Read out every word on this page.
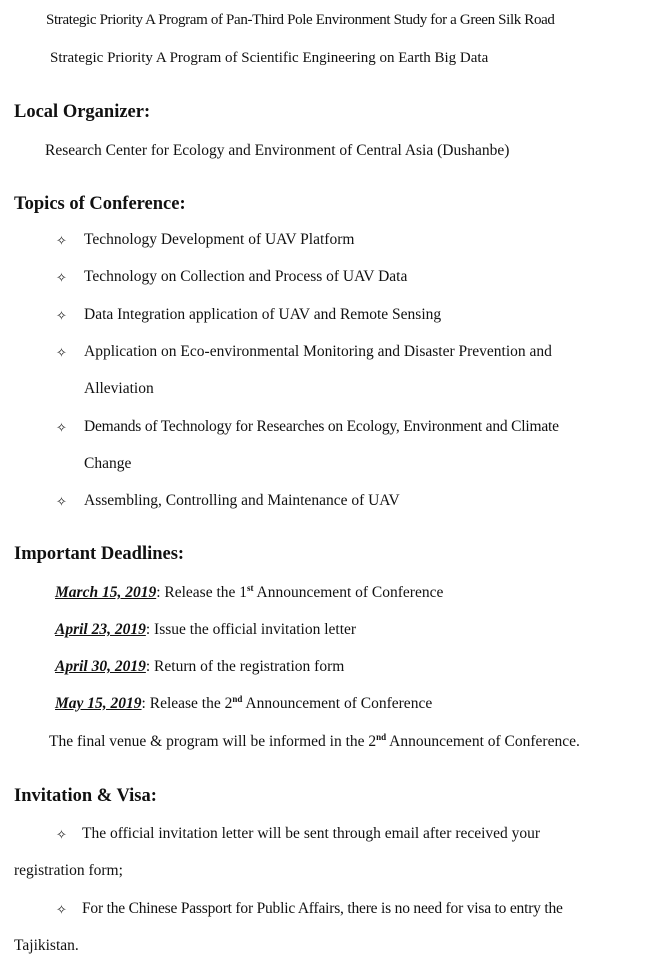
Strategic Priority A Program of Pan-Third Pole Environment Study for a Green Silk Road
Strategic Priority A Program of Scientific Engineering on Earth Big Data
Local Organizer:
Research Center for Ecology and Environment of Central Asia (Dushanbe)
Topics of Conference:
✧ Technology Development of UAV Platform
✧ Technology on Collection and Process of UAV Data
✧ Data Integration application of UAV and Remote Sensing
✧ Application on Eco-environmental Monitoring and Disaster Prevention and
Alleviation
✧ Demands of Technology for Researches on Ecology, Environment and Climate
Change
✧ Assembling, Controlling and Maintenance of UAV
Important Deadlines:
March 15, 2019: Release the 1st Announcement of Conference
April 23, 2019: Issue the official invitation letter
April 30, 2019: Return of the registration form
May 15, 2019: Release the 2nd Announcement of Conference
The final venue & program will be informed in the 2nd Announcement of Conference.
Invitation & Visa:
✧ The official invitation letter will be sent through email after received your
registration form;
✧ For the Chinese Passport for Public Affairs, there is no need for visa to entry the
Tajikistan.
